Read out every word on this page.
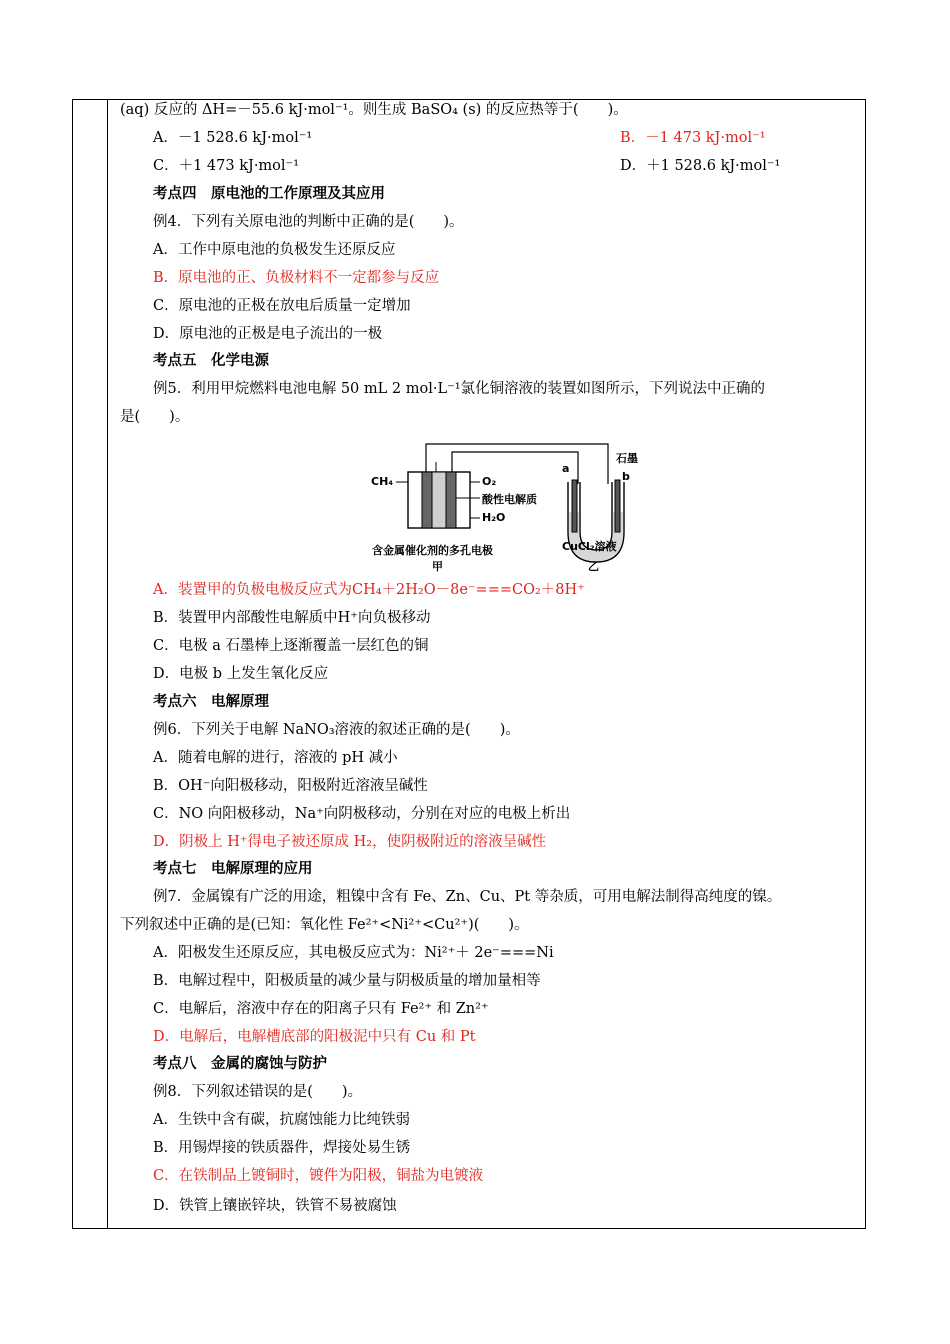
(aq) 反应的 ΔH=－55.6 kJ·mol⁻¹。则生成 BaSO₄ (s) 的反应热等于(　　)。
A．－1 528.6 kJ·mol⁻¹	B．－1 473 kJ·mol⁻¹
C．＋1 473 kJ·mol⁻¹	D．＋1 528.6 kJ·mol⁻¹
考点四　原电池的工作原理及其应用
例4．下列有关原电池的判断中正确的是(　　)。
A．工作中原电池的负极发生还原反应
B．原电池的正、负极材料不一定都参与反应
C．原电池的正极在放电后质量一定增加
D．原电池的正极是电子流出的一极
考点五　化学电源
例5．利用甲烷燃料电池电解 50 mL 2 mol·L⁻¹氯化铜溶液的装置如图所示，下列说法中正确的
是(　　)。
CH₄	O₂
酸性电解质
H₂O
含金属催化剂的多孔电极
甲
石墨
a
b
CuCl₂溶液
乙
A．装置甲的负极电极反应式为CH₄＋2H₂O－8e⁻===CO₂＋8H⁺
B．装置甲内部酸性电解质中H⁺向负极移动
C．电极 a 石墨棒上逐渐覆盖一层红色的铜
D．电极 b 上发生氧化反应
考点六　电解原理
例6．下列关于电解 NaNO₃溶液的叙述正确的是(　　)。
A．随着电解的进行，溶液的 pH 减小
B．OH⁻向阳极移动，阳极附近溶液呈碱性
C．NO 向阳极移动，Na⁺向阴极移动，分别在对应的电极上析出
D．阴极上 H⁺得电子被还原成 H₂，使阴极附近的溶液呈碱性
考点七　电解原理的应用
例7．金属镍有广泛的用途，粗镍中含有 Fe、Zn、Cu、Pt 等杂质，可用电解法制得高纯度的镍。
下列叙述中正确的是(已知：氧化性 Fe²⁺<Ni²⁺<Cu²⁺)(　　)。
A．阳极发生还原反应，其电极反应式为：Ni²⁺＋ 2e⁻===Ni
B．电解过程中，阳极质量的减少量与阴极质量的增加量相等
C．电解后，溶液中存在的阳离子只有 Fe²⁺ 和 Zn²⁺
D．电解后，电解槽底部的阳极泥中只有 Cu 和 Pt
考点八　金属的腐蚀与防护
例8．下列叙述错误的是(　　)。
A．生铁中含有碳，抗腐蚀能力比纯铁弱
B．用锡焊接的铁质器件，焊接处易生锈
C．在铁制品上镀铜时，镀件为阳极，铜盐为电镀液
D．铁管上镶嵌锌块，铁管不易被腐蚀
